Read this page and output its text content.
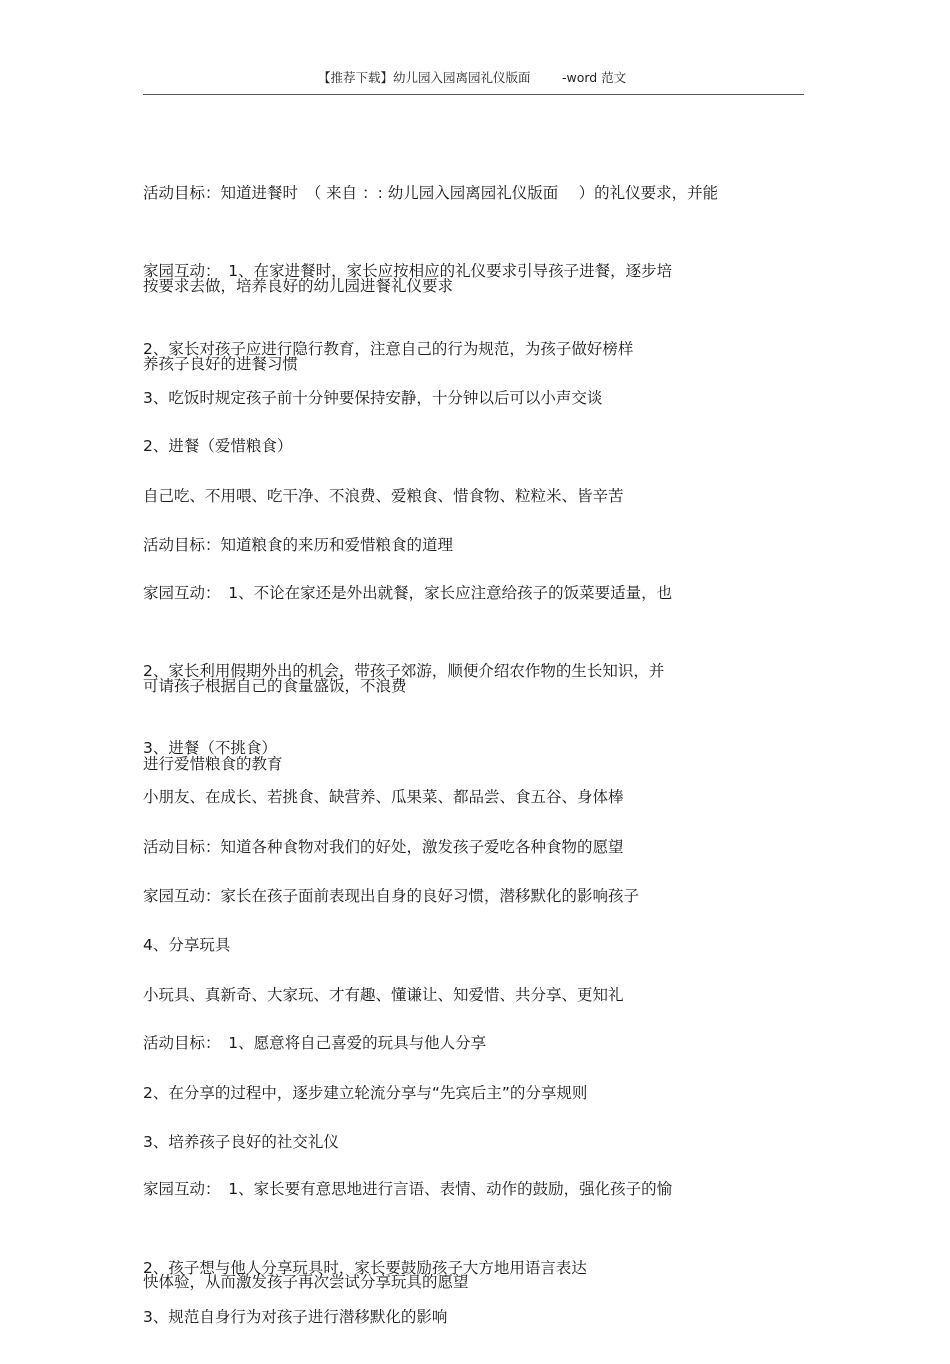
【推荐下载】幼儿园入园离园礼仪版面	-word 范文

活动目标：知道进餐时　（ 来自 ：: 幼儿园入园离园礼仪版面　 ）的礼仪要求，并能

按要求去做，培养良好的幼儿园进餐礼仪要求

家园互动：　1、在家进餐时，家长应按相应的礼仪要求引导孩子进餐，逐步培

养孩子良好的进餐习惯

2、家长对孩子应进行隐行教育，注意自己的行为规范，为孩子做好榜样

3、吃饭时规定孩子前十分钟要保持安静，十分钟以后可以小声交谈

2、进餐（爱惜粮食）

自己吃、不用喂、吃干净、不浪费、爱粮食、惜食物、粒粒米、皆辛苦

活动目标：知道粮食的来历和爱惜粮食的道理

家园互动：　1、不论在家还是外出就餐，家长应注意给孩子的饭菜要适量，也

可请孩子根据自己的食量盛饭，不浪费

2、家长利用假期外出的机会，带孩子郊游，顺便介绍农作物的生长知识，并

进行爱惜粮食的教育

3、进餐（不挑食）

小朋友、在成长、若挑食、缺营养、瓜果菜、都品尝、食五谷、身体棒

活动目标：知道各种食物对我们的好处，激发孩子爱吃各种食物的愿望

家园互动：家长在孩子面前表现出自身的良好习惯，潜移默化的影响孩子

4、分享玩具

小玩具、真新奇、大家玩、才有趣、懂谦让、知爱惜、共分享、更知礼

活动目标：　1、愿意将自己喜爱的玩具与他人分享

2、在分享的过程中，逐步建立轮流分享与“先宾后主”的分享规则

3、培养孩子良好的社交礼仪

家园互动：　1、家长要有意思地进行言语、表情、动作的鼓励，强化孩子的愉

快体验，从而激发孩子再次尝试分享玩具的愿望

2、孩子想与他人分享玩具时，家长要鼓励孩子大方地用语言表达

3、规范自身行为对孩子进行潜移默化的影响
